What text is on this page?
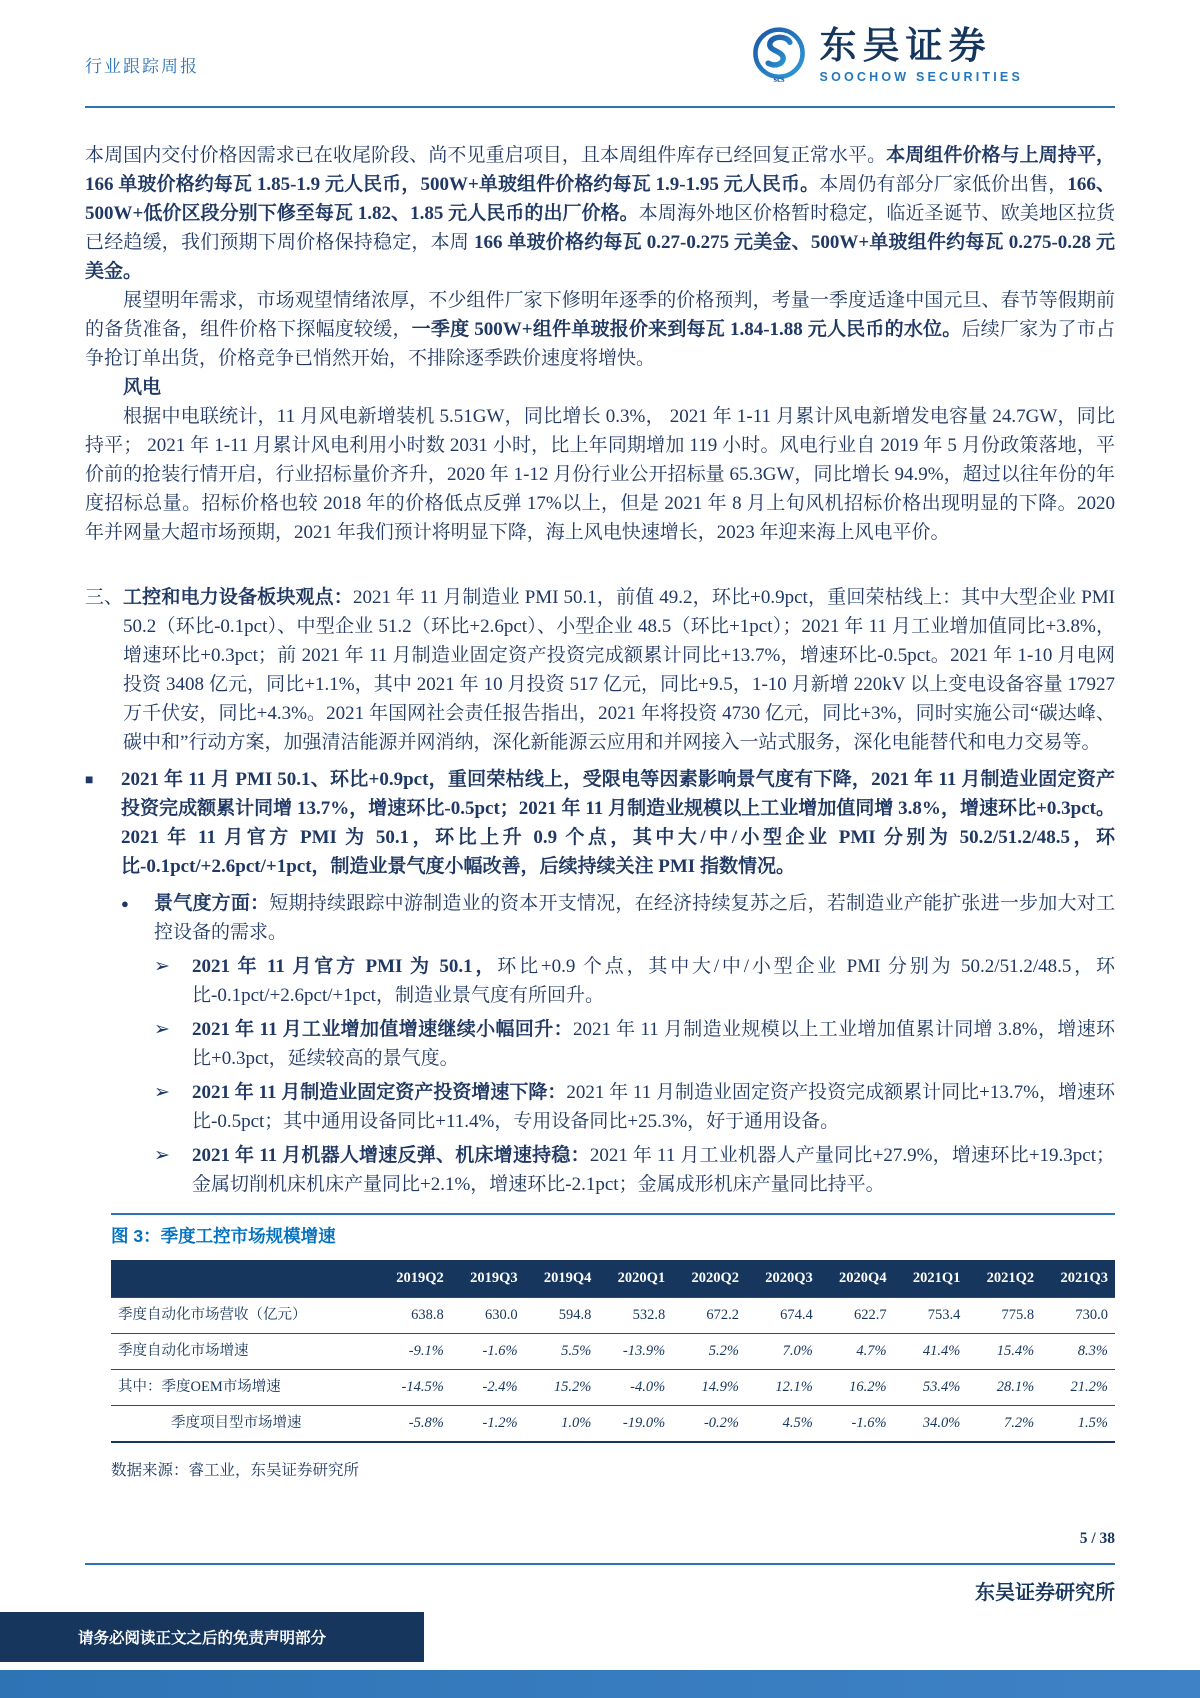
行业跟踪周报
scs
东吴证券
SOOCHOW SECURITIES

本周国内交付价格因需求已在收尾阶段、尚不见重启项目，且本周组件库存已经回复正常水平。本周组件价格与上周持平，166 单玻价格约每瓦 1.85-1.9 元人民币，500W+单玻组件价格约每瓦 1.9-1.95 元人民币。本周仍有部分厂家低价出售，166、500W+低价区段分别下修至每瓦 1.82、1.85 元人民币的出厂价格。本周海外地区价格暂时稳定，临近圣诞节、欧美地区拉货已经趋缓，我们预期下周价格保持稳定，本周 166 单玻价格约每瓦 0.27-0.275 元美金、500W+单玻组件约每瓦 0.275-0.28 元美金。

展望明年需求，市场观望情绪浓厚，不少组件厂家下修明年逐季的价格预判，考量一季度适逢中国元旦、春节等假期前的备货准备，组件价格下探幅度较缓，一季度 500W+组件单玻报价来到每瓦 1.84-1.88 元人民币的水位。后续厂家为了市占争抢订单出货，价格竞争已悄然开始，不排除逐季跌价速度将增快。

风电

根据中电联统计，11 月风电新增装机 5.51GW，同比增长 0.3%， 2021 年 1-11 月累计风电新增发电容量 24.7GW，同比持平； 2021 年 1-11 月累计风电利用小时数 2031 小时，比上年同期增加 119 小时。风电行业自 2019 年 5 月份政策落地，平价前的抢装行情开启，行业招标量价齐升，2020 年 1-12 月份行业公开招标量 65.3GW，同比增长 94.9%，超过以往年份的年度招标总量。招标价格也较 2018 年的价格低点反弹 17%以上，但是 2021 年 8 月上旬风机招标价格出现明显的下降。2020 年并网量大超市场预期，2021 年我们预计将明显下降，海上风电快速增长，2023 年迎来海上风电平价。

三、 工控和电力设备板块观点：2021 年 11 月制造业 PMI 50.1，前值 49.2，环比+0.9pct，重回荣枯线上：其中大型企业 PMI 50.2（环比-0.1pct）、中型企业 51.2（环比+2.6pct）、小型企业 48.5（环比+1pct）；2021 年 11 月工业增加值同比+3.8%，增速环比+0.3pct；前 2021 年 11 月制造业固定资产投资完成额累计同比+13.7%，增速环比-0.5pct。2021 年 1-10 月电网投资 3408 亿元，同比+1.1%，其中 2021 年 10 月投资 517 亿元，同比+9.5，1-10 月新增 220kV 以上变电设备容量 17927 万千伏安，同比+4.3%。2021 年国网社会责任报告指出，2021 年将投资 4730 亿元，同比+3%，同时实施公司“碳达峰、碳中和”行动方案，加强清洁能源并网消纳，深化新能源云应用和并网接入一站式服务，深化电能替代和电力交易等。
■	2021 年 11 月 PMI 50.1、环比+0.9pct，重回荣枯线上，受限电等因素影响景气度有下降，2021 年 11 月制造业固定资产投资完成额累计同增 13.7%，增速环比-0.5pct；2021 年 11 月制造业规模以上工业增加值同增 3.8%，增速环比+0.3pct。2021 年 11 月官方 PMI 为 50.1，环比上升 0.9 个点，其中大/中/小型企业 PMI 分别为 50.2/51.2/48.5，环比-0.1pct/+2.6pct/+1pct，制造业景气度小幅改善，后续持续关注 PMI 指数情况。
●	景气度方面：短期持续跟踪中游制造业的资本开支情况，在经济持续复苏之后，若制造业产能扩张进一步加大对工控设备的需求。
➢	2021 年 11 月官方 PMI 为 50.1，环比+0.9 个点，其中大/中/小型企业 PMI 分别为 50.2/51.2/48.5，环比-0.1pct/+2.6pct/+1pct，制造业景气度有所回升。
➢	2021 年 11 月工业增加值增速继续小幅回升：2021 年 11 月制造业规模以上工业增加值累计同增 3.8%，增速环比+0.3pct，延续较高的景气度。
➢	2021 年 11 月制造业固定资产投资增速下降：2021 年 11 月制造业固定资产投资完成额累计同比+13.7%，增速环比-0.5pct；其中通用设备同比+11.4%，专用设备同比+25.3%，好于通用设备。
➢	2021 年 11 月机器人增速反弹、机床增速持稳：2021 年 11 月工业机器人产量同比+27.9%，增速环比+19.3pct；金属切削机床机床产量同比+2.1%，增速环比-2.1pct；金属成形机床产量同比持平。
图 3：季度工控市场规模增速
	2019Q2	2019Q3	2019Q4	2020Q1	2020Q2	2020Q3	2020Q4	2021Q1	2021Q2	2021Q3
季度自动化市场营收（亿元）	638.8	630.0	594.8	532.8	672.2	674.4	622.7	753.4	775.8	730.0
季度自动化市场增速	-9.1%	-1.6%	5.5%	-13.9%	5.2%	7.0%	4.7%	41.4%	15.4%	8.3%
其中：季度OEM市场增速	-14.5%	-2.4%	15.2%	-4.0%	14.9%	12.1%	16.2%	53.4%	28.1%	21.2%
季度项目型市场增速	-5.8%	-1.2%	1.0%	-19.0%	-0.2%	4.5%	-1.6%	34.0%	7.2%	1.5%
数据来源：睿工业，东吴证券研究所
5 / 38
东吴证券研究所
请务必阅读正文之后的免责声明部分
